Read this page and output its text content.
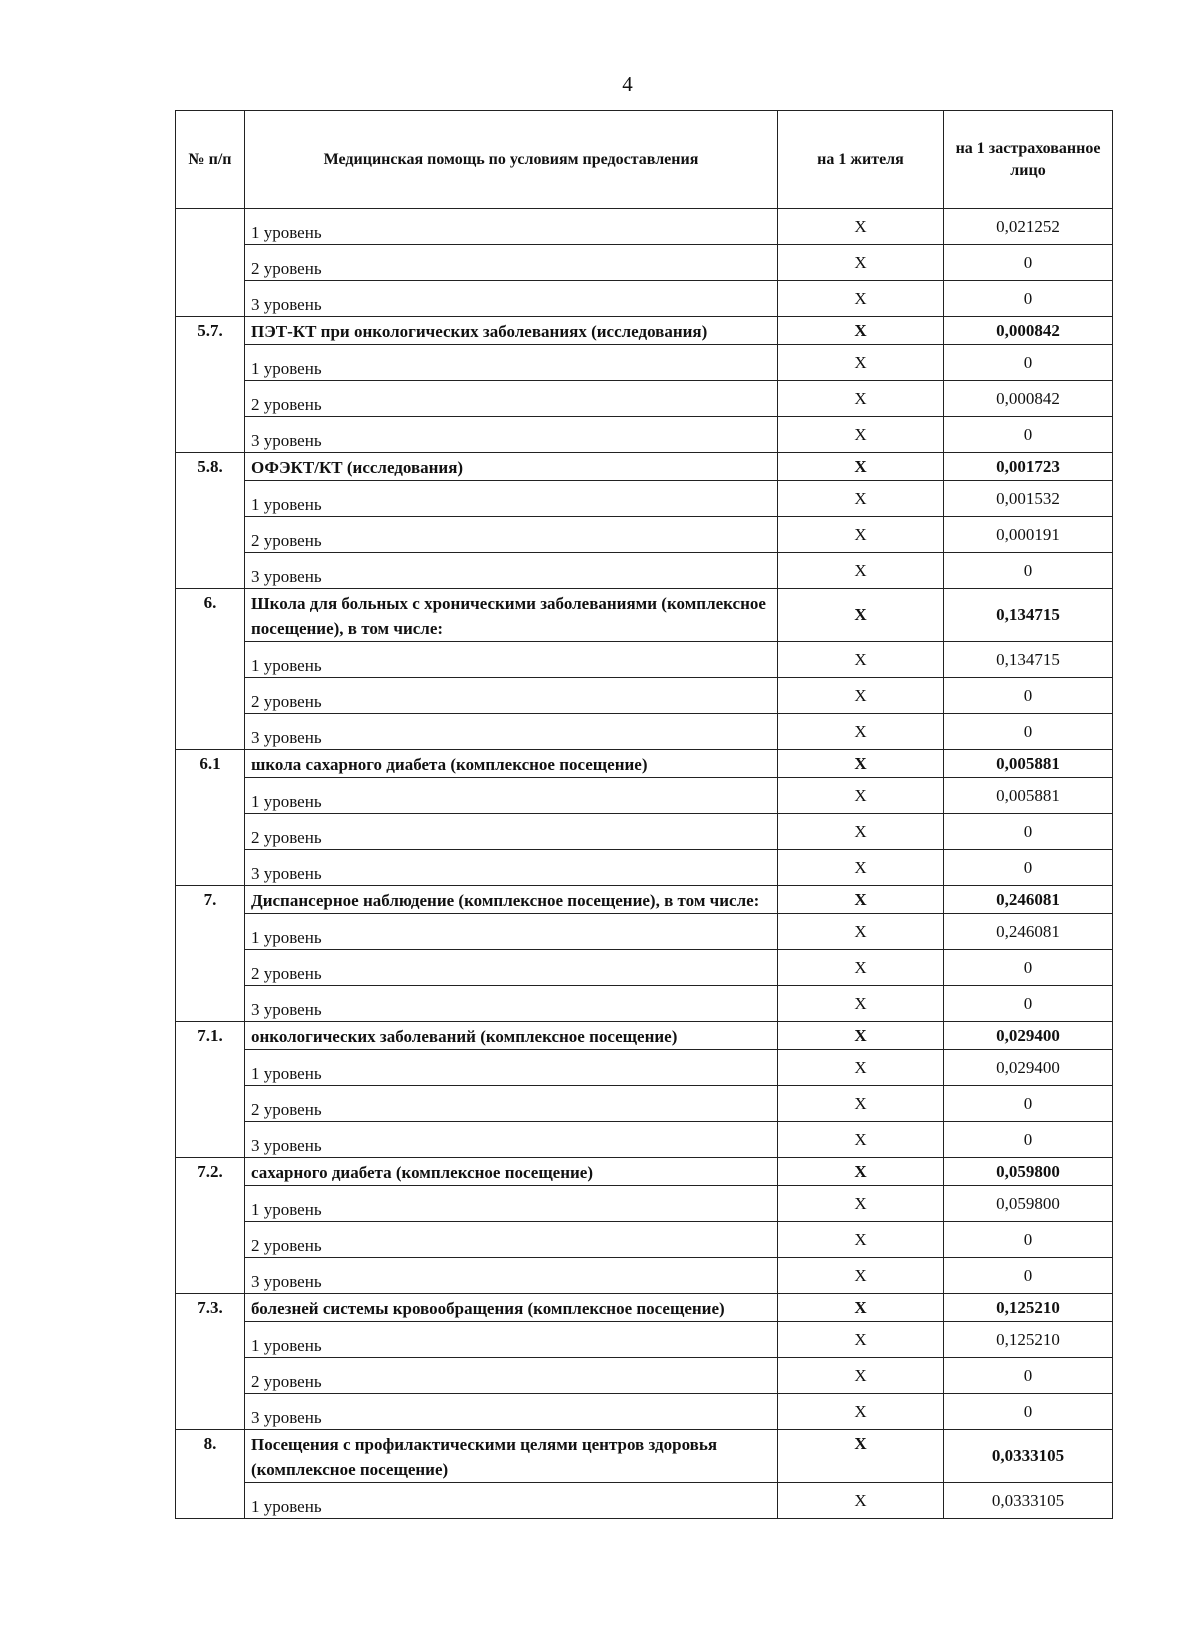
4
№ п/п	Медицинская помощь по условиям предоставления	на 1 жителя	на 1 застрахованное лицо
	1 уровень	X	0,021252
	2 уровень	X	0
	3 уровень	X	0
5.7.	ПЭТ-КТ при онкологических заболеваниях (исследования)	X	0,000842
	1 уровень	X	0
	2 уровень	X	0,000842
	3 уровень	X	0
5.8.	ОФЭКТ/КТ (исследования)	X	0,001723
	1 уровень	X	0,001532
	2 уровень	X	0,000191
	3 уровень	X	0
6.	Школа для больных с хроническими заболеваниями (комплексное посещение), в том числе:	X	0,134715
	1 уровень	X	0,134715
	2 уровень	X	0
	3 уровень	X	0
6.1	школа сахарного диабета (комплексное посещение)	X	0,005881
	1 уровень	X	0,005881
	2 уровень	X	0
	3 уровень	X	0
7.	Диспансерное наблюдение (комплексное посещение), в том числе:	X	0,246081
	1 уровень	X	0,246081
	2 уровень	X	0
	3 уровень	X	0
7.1.	онкологических заболеваний (комплексное посещение)	X	0,029400
	1 уровень	X	0,029400
	2 уровень	X	0
	3 уровень	X	0
7.2.	сахарного диабета (комплексное посещение)	X	0,059800
	1 уровень	X	0,059800
	2 уровень	X	0
	3 уровень	X	0
7.3.	болезней системы кровообращения (комплексное посещение)	X	0,125210
	1 уровень	X	0,125210
	2 уровень	X	0
	3 уровень	X	0
8.	Посещения с профилактическими целями центров здоровья (комплексное посещение)	X	0,0333105
	1 уровень	X	0,0333105
